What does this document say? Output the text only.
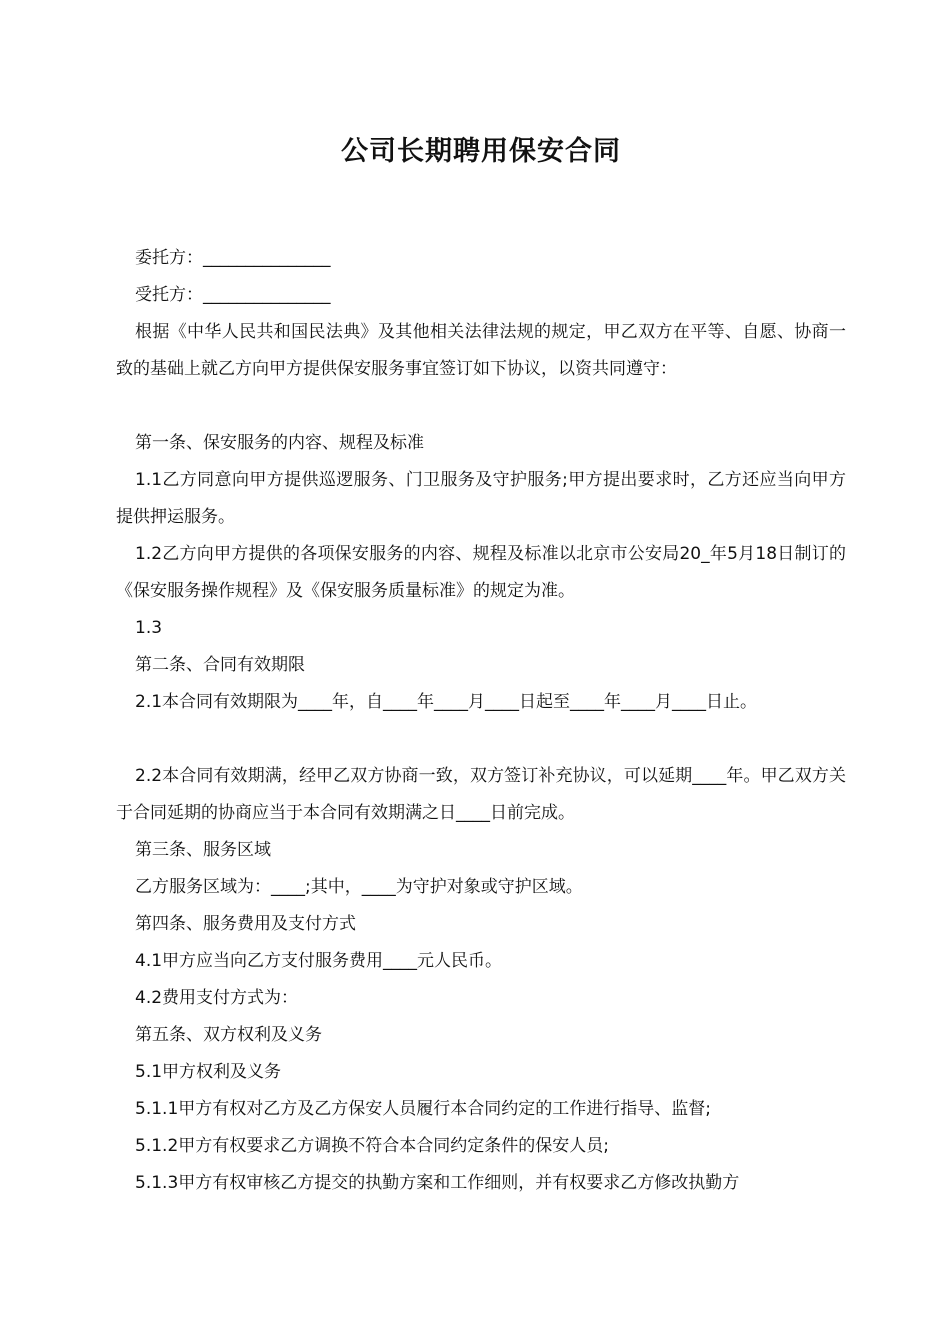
公司长期聘用保安合同

委托方：_______________

受托方：_______________

根据《中华人民共和国民法典》及其他相关法律法规的规定，甲乙双方在平等、自愿、协商一致的基础上就乙方向甲方提供保安服务事宜签订如下协议，以资共同遵守：

第一条、保安服务的内容、规程及标准

1.1乙方同意向甲方提供巡逻服务、门卫服务及守护服务;甲方提出要求时，乙方还应当向甲方提供押运服务。

1.2乙方向甲方提供的各项保安服务的内容、规程及标准以北京市公安局20_年5月18日制订的《保安服务操作规程》及《保安服务质量标准》的规定为准。

1.3

第二条、合同有效期限

2.1本合同有效期限为____年，自____年____月____日起至____年____月____日止。

2.2本合同有效期满，经甲乙双方协商一致，双方签订补充协议，可以延期____年。甲乙双方关于合同延期的协商应当于本合同有效期满之日____日前完成。

第三条、服务区域

乙方服务区域为：____;其中，____为守护对象或守护区域。

第四条、服务费用及支付方式

4.1甲方应当向乙方支付服务费用____元人民币。

4.2费用支付方式为：

第五条、双方权利及义务

5.1甲方权利及义务

5.1.1甲方有权对乙方及乙方保安人员履行本合同约定的工作进行指导、监督;

5.1.2甲方有权要求乙方调换不符合本合同约定条件的保安人员;

5.1.3甲方有权审核乙方提交的执勤方案和工作细则，并有权要求乙方修改执勤方
